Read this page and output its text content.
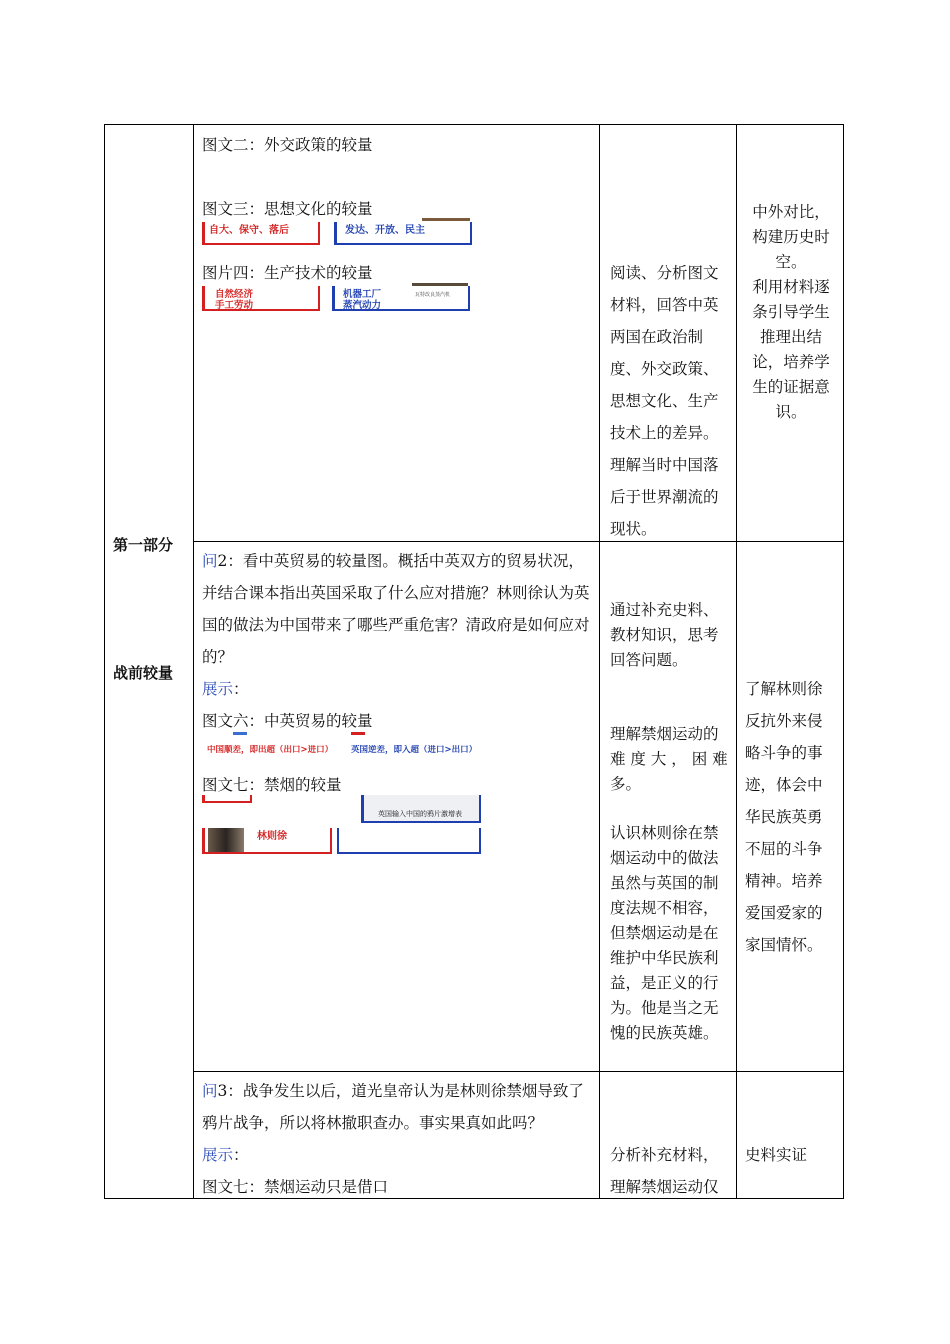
第一部分
战前较量
图文二：外交政策的较量
图文三：思想文化的较量
自大、保守、落后	发达、开放、民主
图片四：生产技术的较量
自然经济
手工劳动
机器工厂
蒸汽动力
瓦特改良蒸汽机

阅读、分析图文

材料，回答中英

两国在政治制

度、外交政策、

思想文化、生产

技术上的差异。

理解当时中国落

后于世界潮流的

现状。

中外对比，

构建历史时

空。

利用材料逐

条引导学生

推理出结

论，培养学

生的证据意

识。

问2：看中英贸易的较量图。概括中英双方的贸易状况，并结合课本指出英国采取了什么应对措施？林则徐认为英国的做法为中国带来了哪些严重危害？清政府是如何应对的？
展示：
图文六：中英贸易的较量
中国顺差，即出超（出口>进口）	英国逆差，即入超（进口>出口）
图文七：禁烟的较量
英国输入中国的鸦片激增表
林则徐

通过补充史料、

教材知识，思考

回答问题。

理解禁烟运动的

难 度 大 ， 困 难

多。

认识林则徐在禁

烟运动中的做法

虽然与英国的制

度法规不相容，

但禁烟运动是在

维护中华民族利

益，是正义的行

为。他是当之无

愧的民族英雄。

了解林则徐

反抗外来侵

略斗争的事

迹，体会中

华民族英勇

不屈的斗争

精神。培养

爱国爱家的

家国情怀。

问3：战争发生以后，道光皇帝认为是林则徐禁烟导致了鸦片战争，所以将林撤职查办。事实果真如此吗？
展示：
图文七：禁烟运动只是借口

分析补充材料，

理解禁烟运动仅

史料实证
